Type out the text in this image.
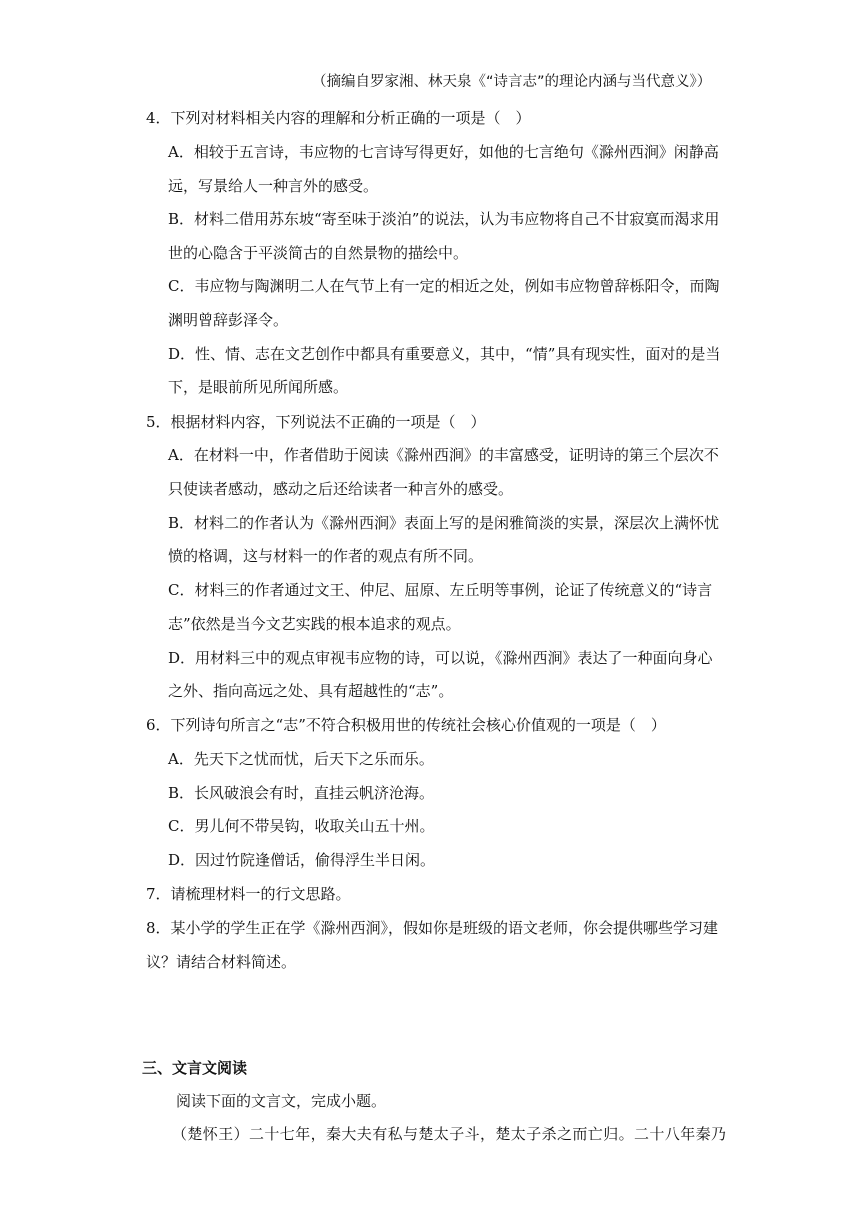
（摘编自罗家湘、林天泉《“诗言志”的理论内涵与当代意义》）
4．下列对材料相关内容的理解和分析正确的一项是（　）
A．相较于五言诗，韦应物的七言诗写得更好，如他的七言绝句《滁州西涧》闲静高
远，写景给人一种言外的感受。
B．材料二借用苏东坡“寄至味于淡泊”的说法，认为韦应物将自己不甘寂寞而渴求用
世的心隐含于平淡简古的自然景物的描绘中。
C．韦应物与陶渊明二人在气节上有一定的相近之处，例如韦应物曾辞栎阳令，而陶
渊明曾辞彭泽令。
D．性、情、志在文艺创作中都具有重要意义，其中，“情”具有现实性，面对的是当
下，是眼前所见所闻所感。
5．根据材料内容，下列说法不正确的一项是（　）
A．在材料一中，作者借助于阅读《滁州西涧》的丰富感受，证明诗的第三个层次不
只使读者感动，感动之后还给读者一种言外的感受。
B．材料二的作者认为《滁州西涧》表面上写的是闲雅简淡的实景，深层次上满怀忧
愤的格调，这与材料一的作者的观点有所不同。
C．材料三的作者通过文王、仲尼、屈原、左丘明等事例，论证了传统意义的“诗言
志”依然是当今文艺实践的根本追求的观点。
D．用材料三中的观点审视韦应物的诗，可以说，《滁州西涧》表达了一种面向身心
之外、指向高远之处、具有超越性的“志”。
6．下列诗句所言之“志”不符合积极用世的传统社会核心价值观的一项是（　）
A．先天下之忧而忧，后天下之乐而乐。
B．长风破浪会有时，直挂云帆济沧海。
C．男儿何不带吴钩，收取关山五十州。
D．因过竹院逢僧话，偷得浮生半日闲。
7．请梳理材料一的行文思路。
8．某小学的学生正在学《滁州西涧》，假如你是班级的语文老师，你会提供哪些学习建
议？请结合材料简述。
三、文言文阅读
阅读下面的文言文，完成小题。
（楚怀王）二十七年，秦大夫有私与楚太子斗，楚太子杀之而亡归。二十八年秦乃
